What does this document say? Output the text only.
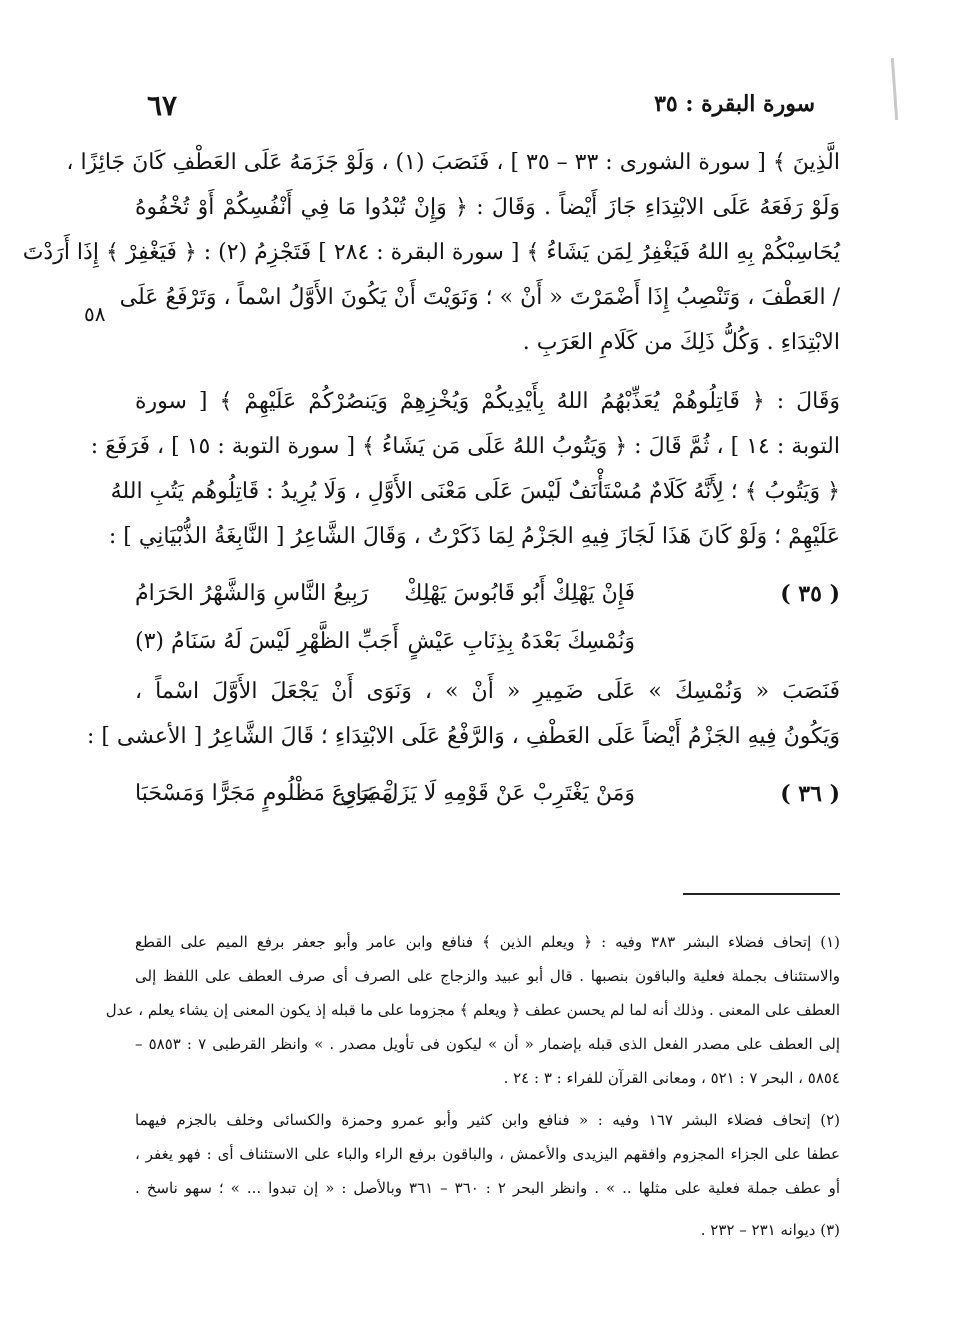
٦٧	سورة البقرة : ٣٥
٥٨
الَّذِينَ ﴾ [ سورة الشورى : ٣٣ – ٣٥ ] ، فَنَصَبَ (١) ، وَلَوْ جَزَمَهُ عَلَى العَطْفِ كَانَ جَائِزًا ،
وَلَوْ رَفَعَهُ عَلَى الابْتِدَاءِ جَازَ أَيْضاً . وَقَالَ : ﴿ وَإِنْ تُبْدُوا مَا فِي أَنْفُسِكُمْ أَوْ تُخْفُوهُ
يُحَاسِبْكُمْ بِهِ اللهُ فَيَغْفِرُ لِمَن يَشَاءُ ﴾ [ سورة البقرة : ٢٨٤ ] فَتَجْزِمُ (٢) : ﴿ فَيَغْفِرْ ﴾ إِذَا أَرَدْتَ
/ العَطْفَ ، وَتَنْصِبُ إِذَا أَضْمَرْتَ « أَنْ » ؛ وَنَوَيْتَ أَنْ يَكُونَ الأَوَّلُ اسْماً ، وَتَرْفَعُ عَلَى
الابْتِدَاءِ . وَكُلُّ ذَلِكَ من كَلَامِ العَرَبِ .
وَقَالَ : ﴿ قَاتِلُوهُمْ يُعَذِّبْهُمُ اللهُ بِأَيْدِيكُمْ وَيُخْزِهِمْ وَيَنصُرْكُمْ عَلَيْهِمْ ﴾ [ سورة
التوبة : ١٤ ] ، ثُمَّ قَالَ : ﴿ وَيَتُوبُ اللهُ عَلَى مَن يَشَاءُ ﴾ [ سورة التوبة : ١٥ ] ، فَرَفَعَ :
﴿ وَيَتُوبُ ﴾ ؛ لِأَنَّهُ كَلَامٌ مُسْتَأْنَفٌ لَيْسَ عَلَى مَعْنَى الأَوَّلِ ، وَلَا يُرِيدُ : قَاتِلُوهُم يَتُبِ اللهُ
عَلَيْهِمْ ؛ وَلَوْ كَانَ هَذَا لَجَازَ فِيهِ الجَزْمُ لِمَا ذَكَرْتُ ، وَقَالَ الشَّاعِرُ [ النَّابِغَةُ الذُّبْيَانِي ] :
( ٣٥ )
فَإِنْ يَهْلِكْ أَبُو قَابُوسَ يَهْلِكْ
رَبِيعُ النَّاسِ وَالشَّهْرُ الحَرَامُ
وَنُمْسِكَ بَعْدَهُ بِذِنَابِ عَيْشٍ
أَجَبِّ الظَّهْرِ لَيْسَ لَهُ سَنَامُ (٣)
فَنَصَبَ « وَنُمْسِكَ » عَلَى ضَمِيرِ « أَنْ » ، وَنَوَى أَنْ يَجْعَلَ الأَوَّلَ اسْماً ،
وَيَكُونُ فِيهِ الجَزْمُ أَيْضاً عَلَى العَطْفِ ، وَالرَّفْعُ عَلَى الابْتِدَاءِ ؛ قَالَ الشَّاعِرُ [ الأعشى ] :
( ٣٦ )
وَمَنْ يَغْتَرِبْ عَنْ قَوْمِهِ لَا يَزَلْ يَرَى
مَصَارِعَ مَظْلُومٍ مَجَرًّا وَمَسْحَبَا
(١) إتحاف فضلاء البشر ٣٨٣ وفيه : ﴿ ويعلم الذين ﴾ فنافع وابن عامر وأبو جعفر برفع الميم على القطع
والاستئناف بجملة فعلية والباقون بنصبها . قال أبو عبيد والزجاج على الصرف أى صرف العطف على اللفظ إلى
العطف على المعنى . وذلك أنه لما لم يحسن عطف ﴿ ويعلم ﴾ مجزوما على ما قبله إذ يكون المعنى إن يشاء يعلم ، عدل
إلى العطف على مصدر الفعل الذى قبله بإضمار « أن » ليكون فى تأويل مصدر . » وانظر القرطبى ٧ : ٥٨٥٣ –
٥٨٥٤ ، البحر ٧ : ٥٢١ ، ومعانى القرآن للفراء : ٣ : ٢٤ .
(٢) إتحاف فضلاء البشر ١٦٧ وفيه : « فنافع وابن كثير وأبو عمرو وحمزة والكسائى وخلف بالجزم فيهما
عطفا على الجزاء المجزوم وافقهم اليزيدى والأعمش ، والباقون برفع الراء والباء على الاستئناف أى : فهو يغفر ،
أو عطف جملة فعلية على مثلها .. » . وانظر البحر ٢ : ٣٦٠ – ٣٦١ وبالأصل : « إن تبدوا ... » ؛ سهو ناسخ .
(٣) ديوانه ٢٣١ – ٢٣٢ .
